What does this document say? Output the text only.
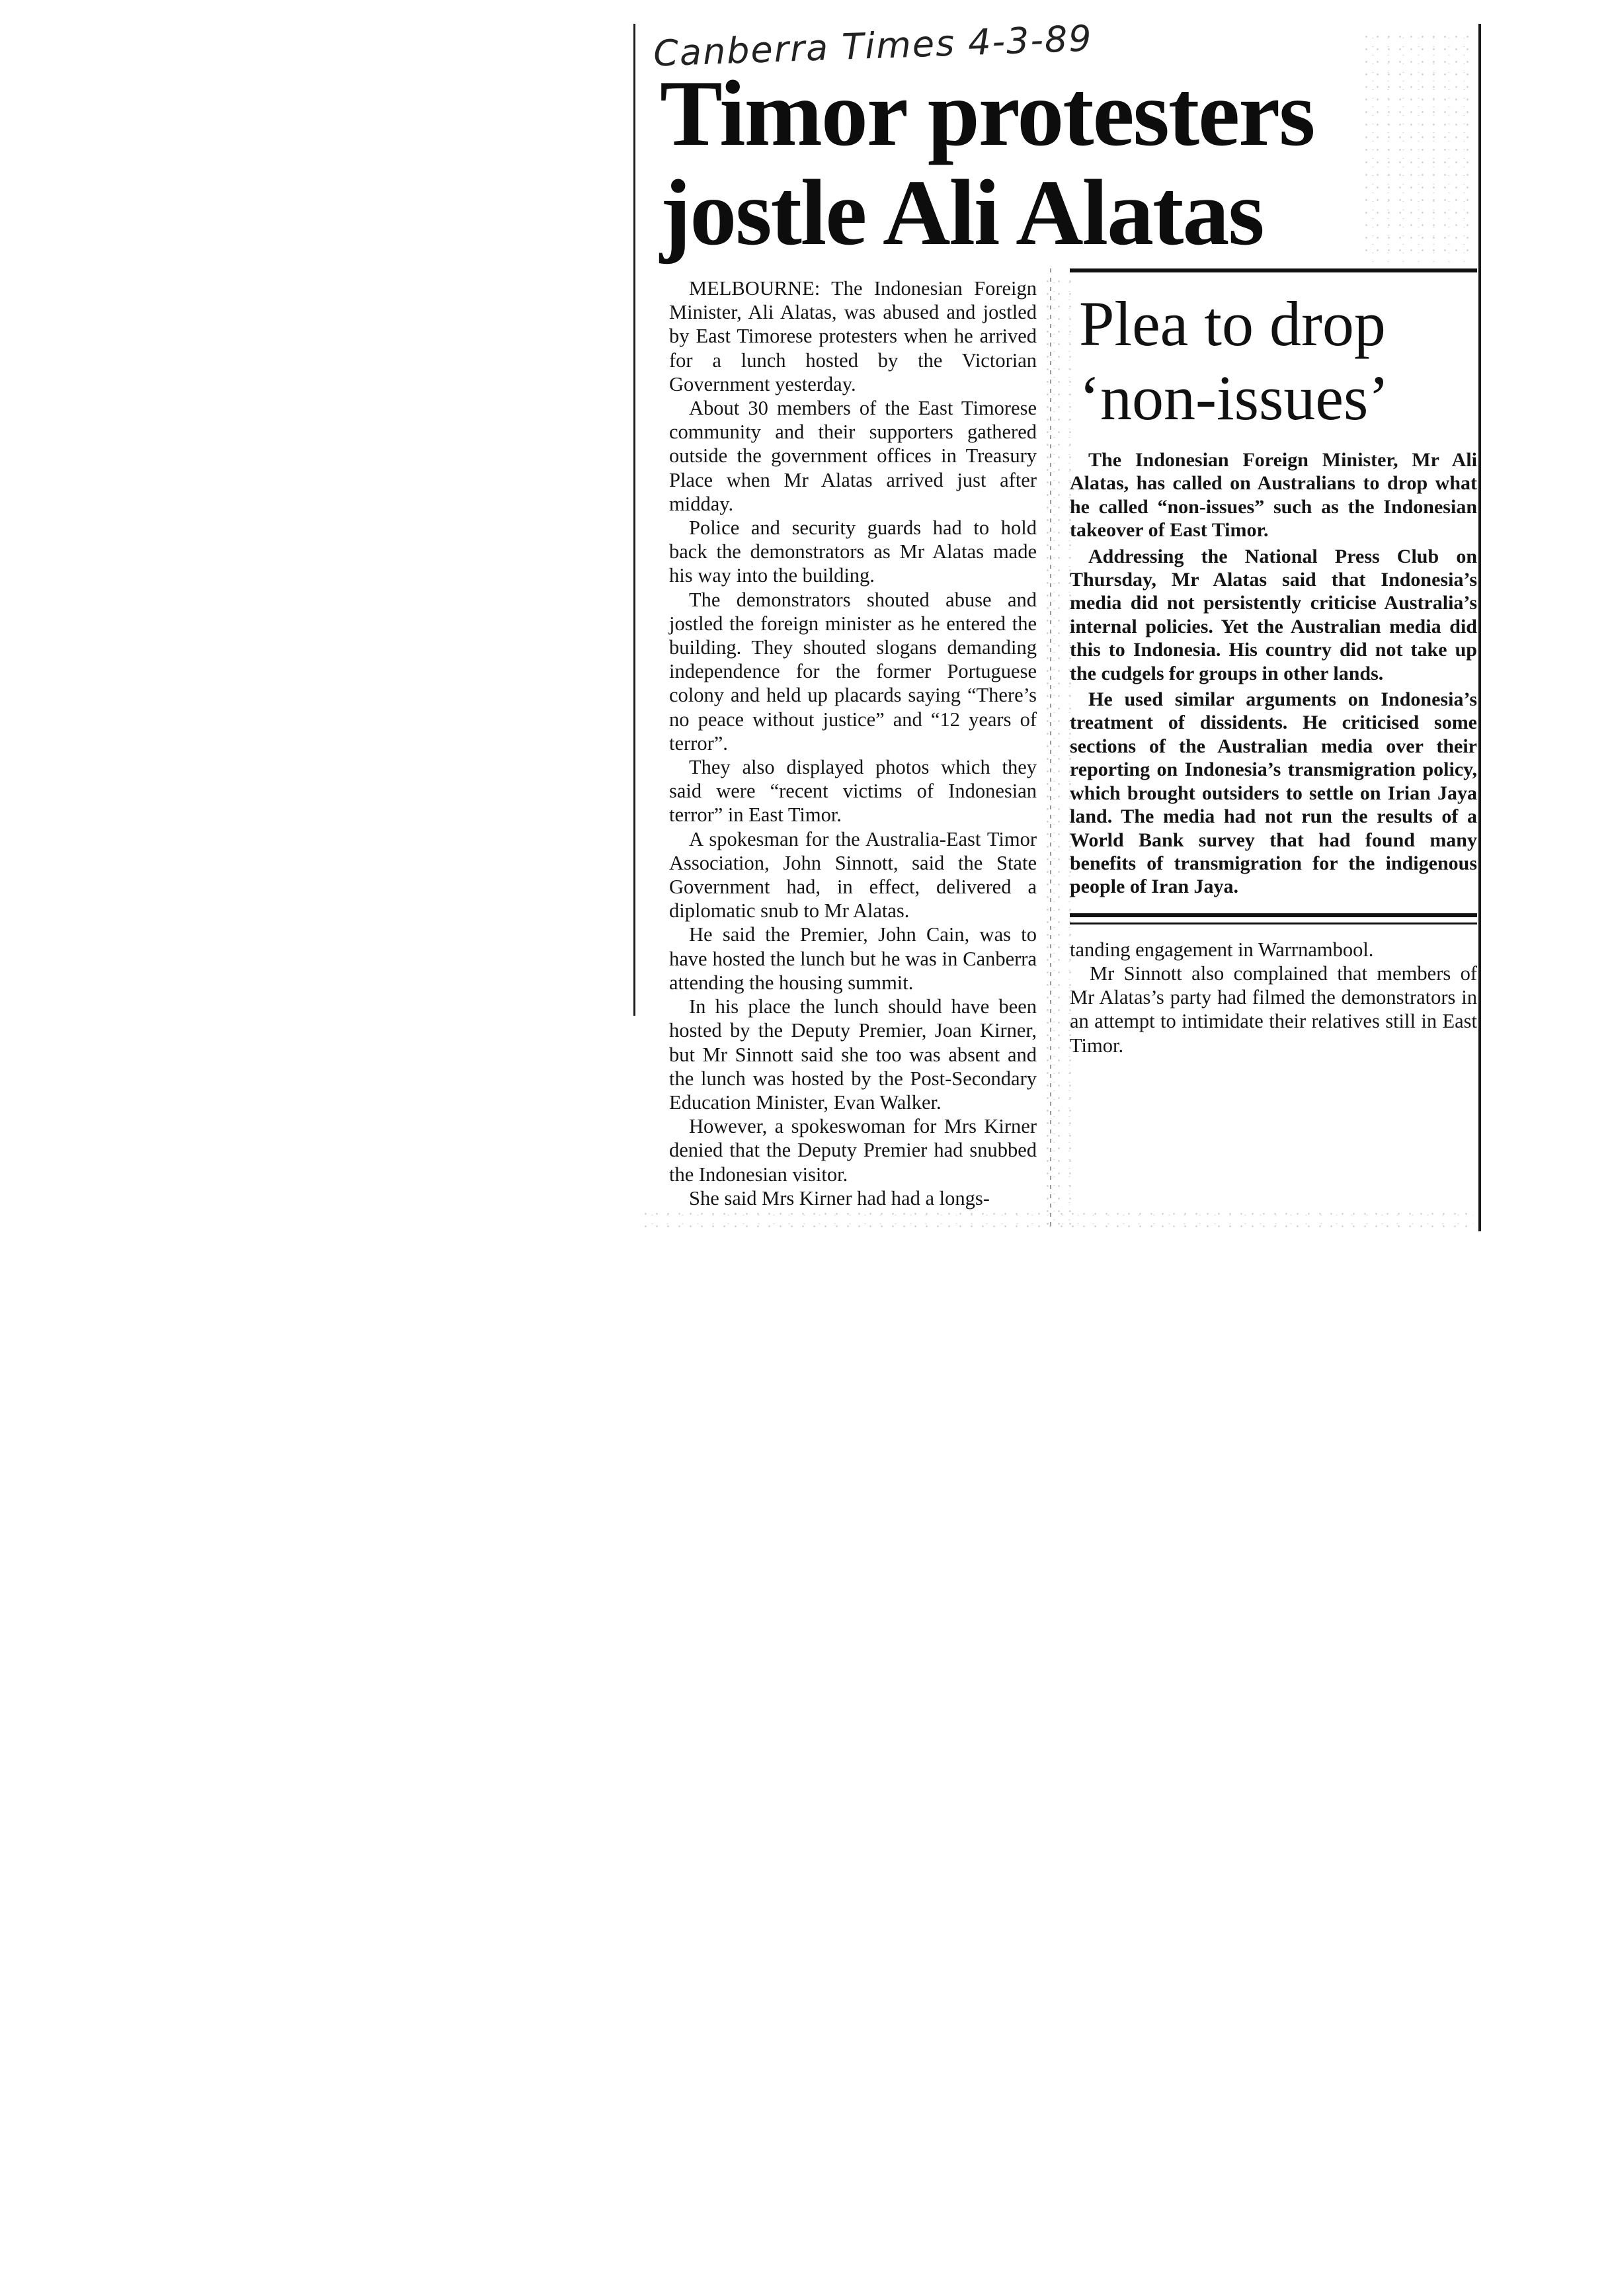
Canberra Times 4-3-89
Timor protesters
jostle Ali Alatas

MELBOURNE: The Indonesian Foreign Minister, Ali Alatas, was abused and jostled by East Timorese protesters when he arrived for a lunch hosted by the Victorian Government yesterday.

About 30 members of the East Timorese community and their supporters gathered outside the government offices in Treasury Place when Mr Alatas arrived just after midday.

Police and security guards had to hold back the demonstrators as Mr Alatas made his way into the building.

The demonstrators shouted abuse and jostled the foreign minister as he entered the building. They shouted slogans demanding independence for the former Portuguese colony and held up placards saying “There’s no peace without justice” and “12 years of terror”.

They also displayed photos which they said were “recent victims of Indonesian terror” in East Timor.

A spokesman for the Australia-East Timor Association, John Sinnott, said the State Government had, in effect, delivered a diplomatic snub to Mr Alatas.

He said the Premier, John Cain, was to have hosted the lunch but he was in Canberra attending the housing summit.

In his place the lunch should have been hosted by the Deputy Premier, Joan Kirner, but Mr Sinnott said she too was absent and the lunch was hosted by the Post-Secondary Education Minister, Evan Walker.

However, a spokeswoman for Mrs Kirner denied that the Deputy Premier had snubbed the Indonesian visitor.

She said Mrs Kirner had had a longs-

Plea to drop ‘non-issues’

The Indonesian Foreign Minister, Mr Ali Alatas, has called on Australians to drop what he called “non-issues” such as the Indonesian takeover of East Timor.

Addressing the National Press Club on Thursday, Mr Alatas said that Indonesia’s media did not persistently criticise Australia’s internal policies. Yet the Australian media did this to Indonesia. His country did not take up the cudgels for groups in other lands.

He used similar arguments on Indonesia’s treatment of dissidents. He criticised some sections of the Australian media over their reporting on Indonesia’s transmigration policy, which brought outsiders to settle on Irian Jaya land. The media had not run the results of a World Bank survey that had found many benefits of transmigration for the indigenous people of Iran Jaya.

tanding engagement in Warrnambool.

Mr Sinnott also complained that members of Mr Alatas’s party had filmed the demonstrators in an attempt to intimidate their relatives still in East Timor.
